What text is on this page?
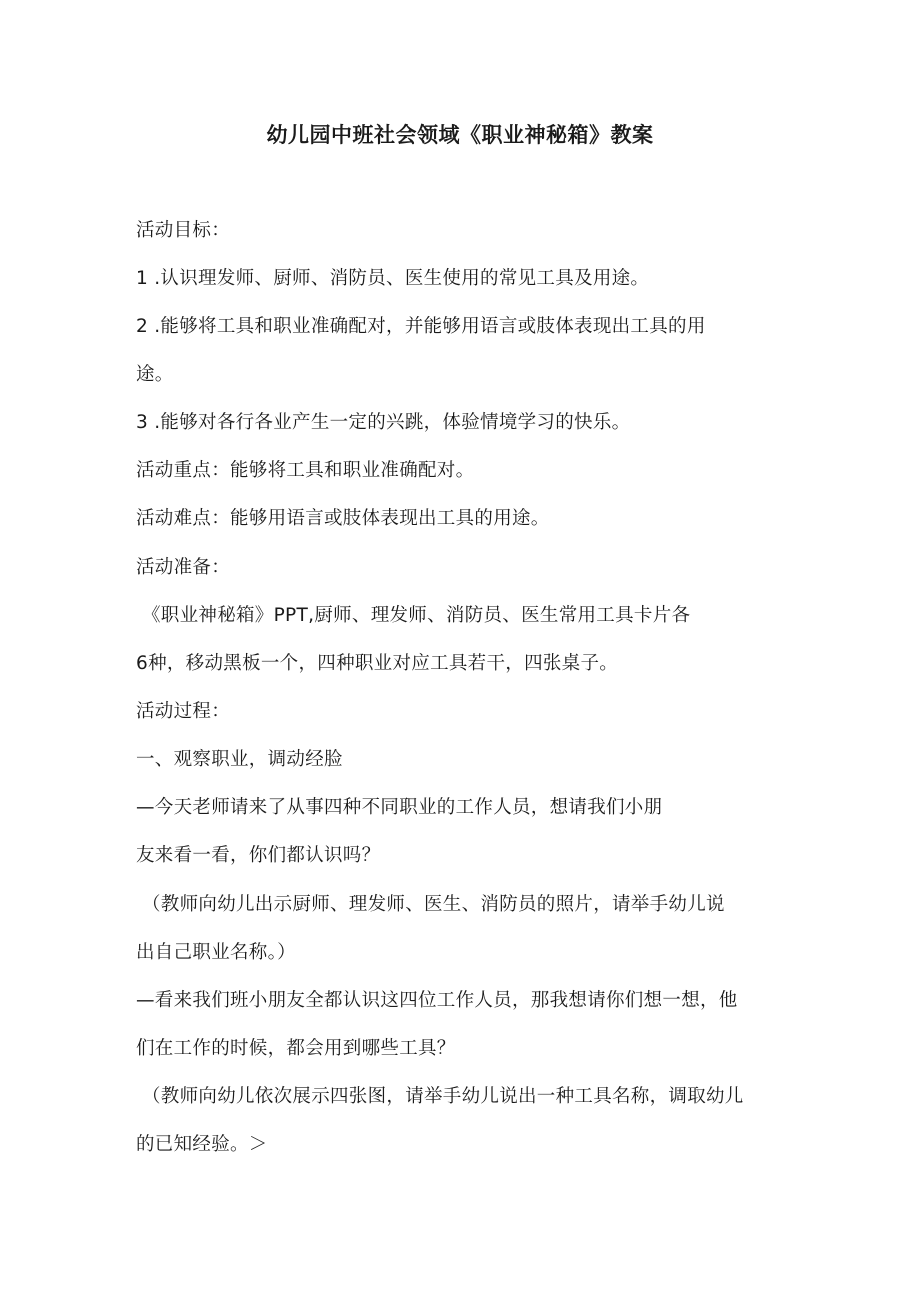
幼儿园中班社会领域《职业神秘箱》教案
活动目标：
1 .认识理发师、厨师、消防员、医生使用的常见工具及用途。
2 .能够将工具和职业准确配对，并能够用语言或肢体表现出工具的用
途。
3 .能够对各行各业产生一定的兴跳，体验情境学习的快乐。
活动重点：能够将工具和职业准确配对。
活动难点：能够用语言或肢体表现出工具的用途。
活动准备：
《职业神秘箱》PPT,厨师、理发师、消防员、医生常用工具卡片各
6种，移动黑板一个，四种职业对应工具若干，四张桌子。
活动过程：
一、观察职业，调动经脸
—今天老师请来了从事四种不同职业的工作人员，想请我们小朋
友来看一看，你们都认识吗？
（教师向幼儿出示厨师、理发师、医生、消防员的照片，请举手幼儿说
出自己职业名称。）
—看来我们班小朋友全都认识这四位工作人员，那我想请你们想一想，他
们在工作的时候，都会用到哪些工具？
（教师向幼儿依次展示四张图，请举手幼儿说出一种工具名称，调取幼儿
的已知经验。＞
